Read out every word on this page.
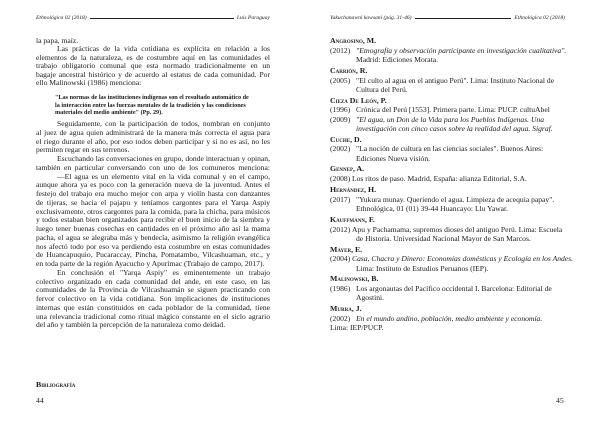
Ethnológica 02 (2018)	Luis Paraguay
la papa, maíz.
Las prácticas de la vida cotidiana es explícita en relación a los
elementos de la naturaleza, es de costumbre aquí en las comunidades el
trabajo obligatorio comunal que esta normado tradicionalmente en un
bagaje ancestral histórico y de acuerdo al estatus de cada comunidad. Por
ello Malinowski (1986) menciona:
"Las normas de las instituciones indígenas son el resultado automático de
la interacción entre las fuerzas mentales de la tradición y las condiciones
materiales del medio ambiente" (Pp. 29).
Seguidamente, con la participación de todos, nombran en conjunto
al juez de agua quien administrará de la manera más correcta el agua para
el riego durante el año, por eso todos deben participar y si no es así, no les
permiten regar en sus terrenos.
Escuchando las conversaciones en grupo, donde interactuan y opinan,
también en particular conversando con uno de los comuneros menciona:
—El agua es un elemento vital en la vida comunal y en el campo,
aunque ahora ya es poco con la generación nueva de la juventud. Antes el
festejo del trabajo era mucho mejor con arpa y violín hasta con danzantes
de tijeras, se hacia el pajapu y teníamos cargontes para el Yarqa Aspiy
exclusivamente, otros cargontes para la comida, para la chicha, para músicos
y todos estaban bien organizados para recibir el buen inicio de la siembra y
luego tener buenas cosechas en cantidades en el próximo año así la mama
pacha, el agua se alegraba más y bendecía, asimismo la religión evangélica
nos afectó todo por eso va perdiendo esta costumbre en estas comunidades
de Huancapuquio, Pucaraccay, Pincha, Pomatambo, Vilcashuaman, etc., y
en toda parte de la región Ayacucho y Apurímac (Trabajo de campo, 2017).
En conclusión el "Yarqa Aspiy" es eminentemente un trabajo
colectivo organizado en cada comunidad del ande, en este caso, en las
comunidades de la Provincia de Vilcashuamán se siguen practicando con
fervor colectivo en la vida cotidiana. Son implicaciones de instituciones
internas que están constituidos en cada poblador de la comunidad, tiene
una relevancia tradicional como ritual mágico constante en el siclo agrario
del año y también la percepción de la naturaleza como deidad.
Bibliografía
44
Yakuchanawni kawsani (pág. 31-46)	Ethnológica 02 (2018)
Angrosino, M.
(2012) "Etnografía y observación participante en investigación cualitativa".
Madrid: Ediciones Morata.
Carrión, R.
(2005) "El culto al agua en el antiguo Perú". Lima: Instituto Nacional de
Cultura del Perú.
Cieza De León, P.
(1996) Crónica del Perú [1553]. Primera parte. Lima: PUCP. cultuAbel
(2009) "El agua, un Don de la Vida para los Pueblos Indígenas. Una
investigación con cinco casos sobre la realidad del agua. Sigraf.
Cuche, D.
(2002) "La noción de cultura en las ciencias sociales". Buenos Aires:
Ediciones Nueva visión.
Gennep, A.
(2008) Los ritos de paso. Madrid, España: alianza Editorial, S.A.
Hernández, H.
(2017) "Yukura munay. Queriendo el agua. Limpieza de acequia papay".
Ethnológica, 01 (01) 39-44 Huancayo: Llu Yawar.
Kauffmann, F.
(2012) Apu y Pachamama, supremos dioses del antiguo Perú. Lima: Escuela
de Historia. Universidad Nacional Mayor de San Marcos.
Mayer, E.
(2004) Casa, Chacra y Dinero: Economías domésticas y Ecología en los Andes.
Lima: Instituto de Estudios Peruanos (IEP).
Malinowski, B.
(1986) Los argonautas del Pacífico occidental I. Barcelona: Editorial de
Agostini.
Murra, J.
(2002) En el mundo andino, población, medio ambiente y economía.
Lima: IEP/PUCP.
45
